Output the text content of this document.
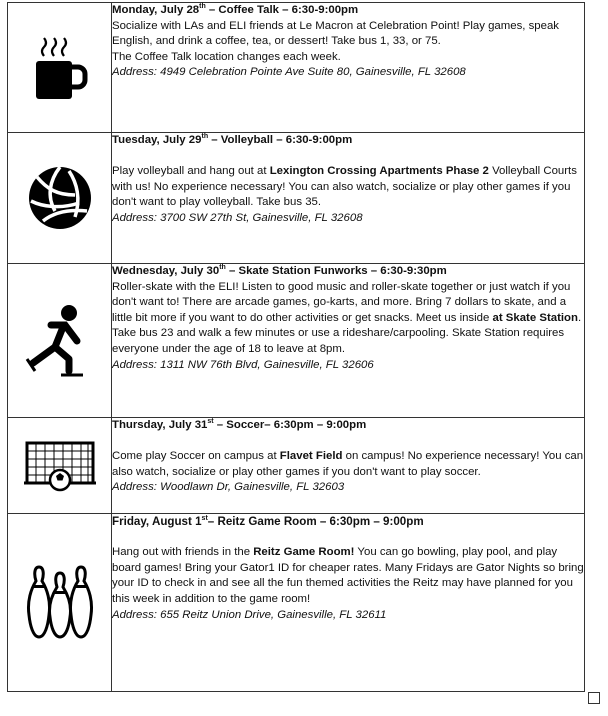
Monday, July 28th – Coffee Talk – 6:30-9:00pm
Socialize with LAs and ELI friends at Le Macron at Celebration Point! Play games, speak English, and drink a coffee, tea, or dessert! Take bus 1, 33, or 75.
The Coffee Talk location changes each week.
Address: 4949 Celebration Pointe Ave Suite 80, Gainesville, FL 32608

Tuesday, July 29th – Volleyball – 6:30-9:00pm
Play volleyball and hang out at Lexington Crossing Apartments Phase 2 Volleyball Courts with us! No experience necessary! You can also watch, socialize or play other games if you don't want to play volleyball. Take bus 35.
Address: 3700 SW 27th St, Gainesville, FL 32608

Wednesday, July 30th – Skate Station Funworks – 6:30-9:30pm
Roller-skate with the ELI! Listen to good music and roller-skate together or just watch if you don't want to! There are arcade games, go-karts, and more. Bring 7 dollars to skate, and a little bit more if you want to do other activities or get snacks. Meet us inside at Skate Station. Take bus 23 and walk a few minutes or use a rideshare/carpooling. Skate Station requires everyone under the age of 18 to leave at 8pm.
Address: 1311 NW 76th Blvd, Gainesville, FL 32606

Thursday, July 31st – Soccer– 6:30pm – 9:00pm
Come play Soccer on campus at Flavet Field on campus! No experience necessary! You can also watch, socialize or play other games if you don't want to play soccer.
Address: Woodlawn Dr, Gainesville, FL 32603

Friday, August 1st– Reitz Game Room – 6:30pm – 9:00pm
Hang out with friends in the Reitz Game Room! You can go bowling, play pool, and play board games! Bring your Gator1 ID for cheaper rates. Many Fridays are Gator Nights so bring your ID to check in and see all the fun themed activities the Reitz may have planned for you this week in addition to the game room!
Address: 655 Reitz Union Drive, Gainesville, FL 32611
